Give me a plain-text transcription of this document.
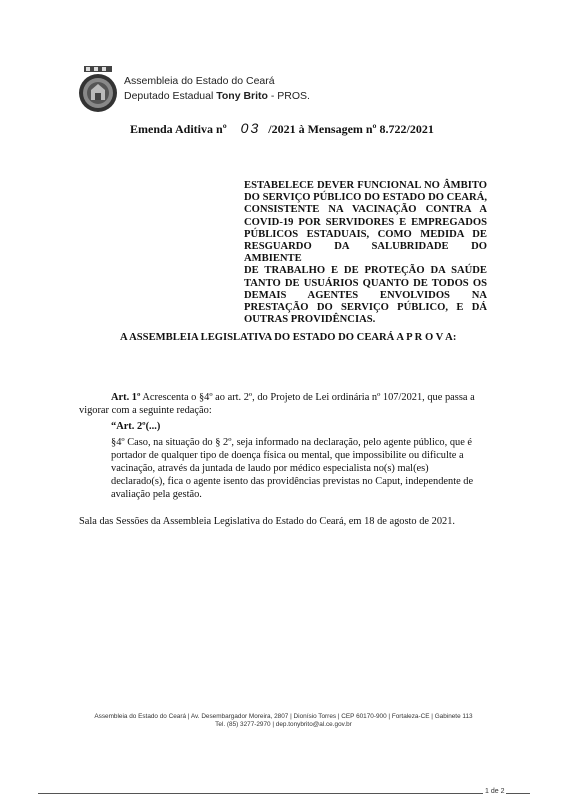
Assembleia do Estado do Ceará
Deputado Estadual Tony Brito - PROS.
Emenda Aditiva nº 03 /2021 à Mensagem nº 8.722/2021
ESTABELECE DEVER FUNCIONAL NO ÂMBITO
DO SERVIÇO PÚBLICO DO ESTADO DO CEARÁ,
CONSISTENTE NA VACINAÇÃO CONTRA A
COVID-19 POR SERVIDORES E EMPREGADOS
PÚBLICOS ESTADUAIS, COMO MEDIDA DE
RESGUARDO DA SALUBRIDADE DO AMBIENTE
DE TRABALHO E DE PROTEÇÃO DA SAÚDE
TANTO DE USUÁRIOS QUANTO DE TODOS OS
DEMAIS AGENTES ENVOLVIDOS NA
PRESTAÇÃO DO SERVIÇO PÚBLICO, E DÁ
OUTRAS PROVIDÊNCIAS.
A ASSEMBLEIA LEGISLATIVA DO ESTADO DO CEARÁ A P R O V A:
Art. 1º Acrescenta o §4º ao art. 2º, do Projeto de Lei ordinária nº 107/2021, que passa a
vigorar com a seguinte redação:
“Art. 2º(...)
§4º Caso, na situação do § 2º, seja informado na declaração, pelo agente público, que é
portador de qualquer tipo de doença física ou mental, que impossibilite ou dificulte a
vacinação, através da juntada de laudo por médico especialista no(s) mal(es)
declarado(s), fica o agente isento das providências previstas no Caput, independente de
avaliação pela gestão.
Sala das Sessões da Assembleia Legislativa do Estado do Ceará, em 18 de agosto de 2021.
Assembleia do Estado do Ceará | Av. Desembargador Moreira, 2807 | Dionísio Torres | CEP 60170-900 | Fortaleza-CE | Gabinete 113
Tel. (85) 3277-2970 | dep.tonybrito@al.ce.gov.br
1 de 2
